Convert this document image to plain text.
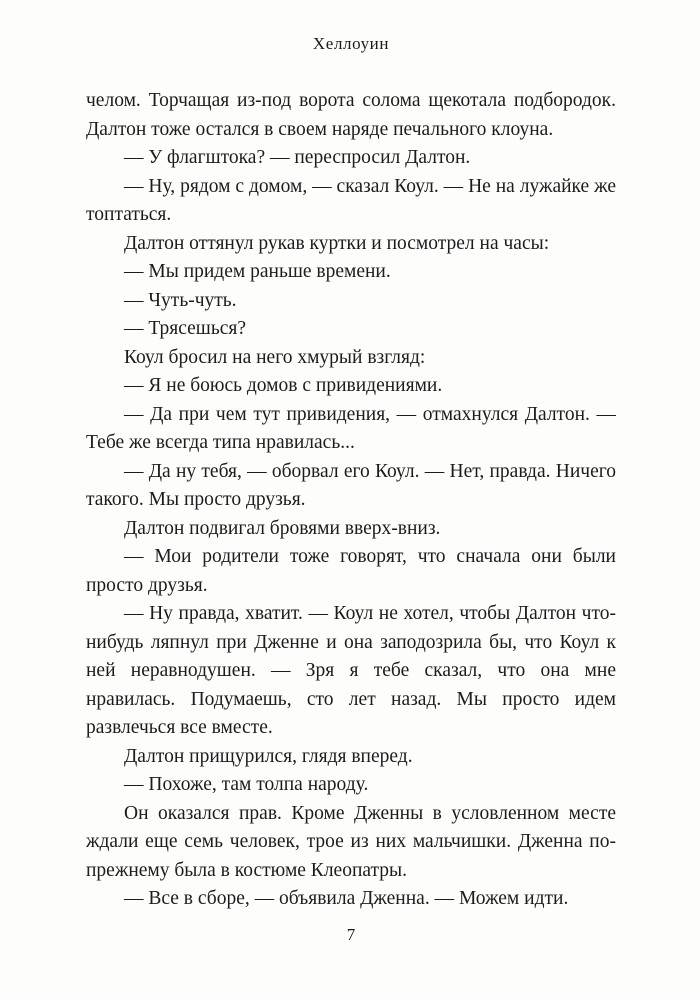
Хеллоуин

челом. Торчащая из-под ворота солома щекотала подбородок. Далтон тоже остался в своем наряде печального клоуна.

— У флагштока? — переспросил Далтон.

— Ну, рядом с домом, — сказал Коул. — Не на лужайке же топтаться.

Далтон оттянул рукав куртки и посмотрел на часы:

— Мы придем раньше времени.

— Чуть-чуть.

— Трясешься?

Коул бросил на него хмурый взгляд:

— Я не боюсь домов с привидениями.

— Да при чем тут привидения, — отмахнулся Далтон. — Тебе же всегда типа нравилась...

— Да ну тебя, — оборвал его Коул. — Нет, правда. Ничего такого. Мы просто друзья.

Далтон подвигал бровями вверх-вниз.

— Мои родители тоже говорят, что сначала они были просто друзья.

— Ну правда, хватит. — Коул не хотел, чтобы Далтон что-нибудь ляпнул при Дженне и она заподозрила бы, что Коул к ней неравнодушен. — Зря я тебе сказал, что она мне нравилась. Подумаешь, сто лет назад. Мы просто идем развлечься все вместе.

Далтон прищурился, глядя вперед.

— Похоже, там толпа народу.

Он оказался прав. Кроме Дженны в условленном месте ждали еще семь человек, трое из них мальчишки. Дженна по-прежнему была в костюме Клеопатры.

— Все в сборе, — объявила Дженна. — Можем идти.

7
